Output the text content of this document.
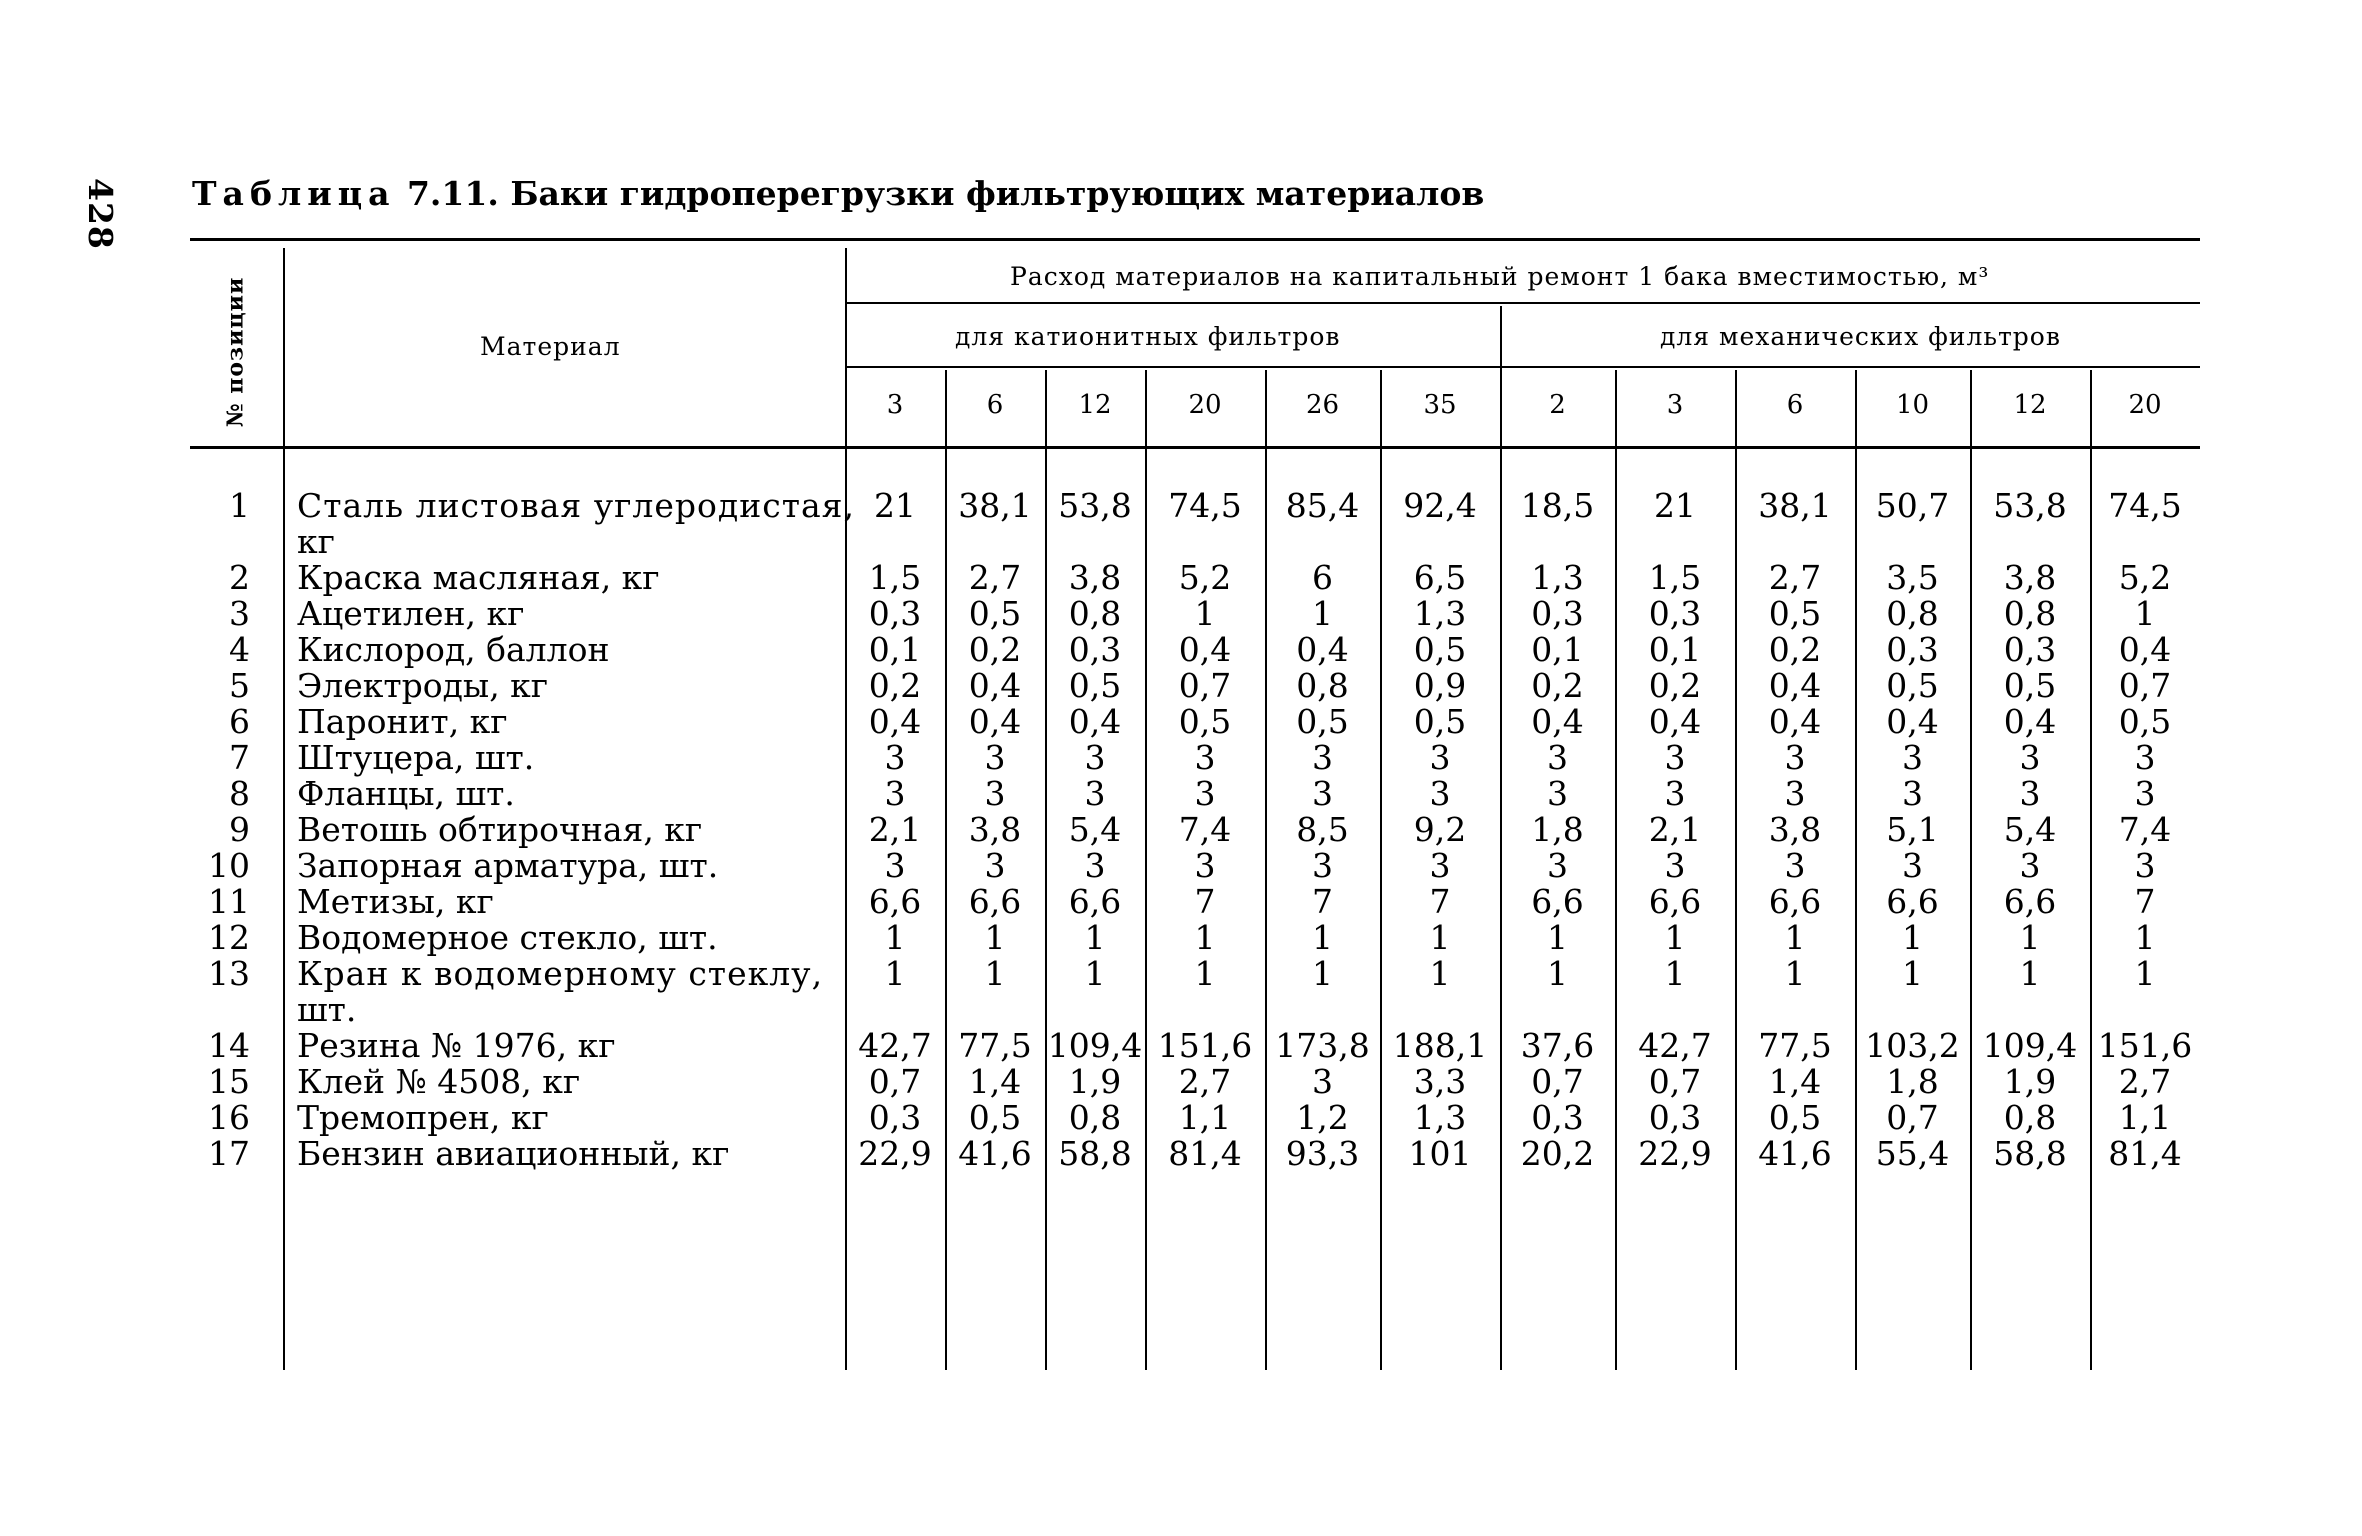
428 Таблица 7.11. Баки гидроперегрузки фильтрующих материалов
№ позиции	Материал
Расход материалов на капитальный ремонт 1 бака вместимостью, м³
для катионитных фильтров	для механических фильтров
3	6	12	20	26	35	2	3	6	10	12	20
1 Сталь листовая углеродистая,
кг
21	38,1 53,8	74,5	85,4	92,4	18,5	21	38,1	50,7	53,8	74,5
2 Краска масляная, кг	1,5	2,7	3,8	5,2	6	6,5	1,3	1,5	2,7	3,5	3,8	5,2
3 Ацетилен, кг	0,3	0,5	0,8	1	1	1,3	0,3	0,3	0,5	0,8	0,8	1
4 Кислород, баллон	0,1	0,2	0,3	0,4	0,4	0,5	0,1	0,1	0,2	0,3	0,3	0,4
5 Электроды, кг	0,2	0,4	0,5	0,7	0,8	0,9	0,2	0,2	0,4	0,5	0,5	0,7
6 Паронит, кг	0,4	0,4	0,4	0,5	0,5	0,5	0,4	0,4	0,4	0,4	0,4	0,5
7 Штуцера, шт.	3	3	3	3	3	3	3	3	3	3	3	3
8 Фланцы, шт.	3	3	3	3	3	3	3	3	3	3	3	3
9 Ветошь обтирочная, кг	2,1	3,8	5,4	7,4	8,5	9,2	1,8	2,1	3,8	5,1	5,4	7,4
10 Запорная арматура, шт.	3	3	3	3	3	3	3	3	3	3	3	3
11 Метизы, кг	6,6	6,6	6,6	7	7	7	6,6	6,6	6,6	6,6	6,6	7
12 Водомерное стекло, шт.	1	1	1	1	1	1	1	1	1	1	1	1
13 Кран к водомерному стеклу,
шт.
1	1	1	1	1	1	1	1	1	1	1	1
14 Резина № 1976, кг	42,7 77,5 109,4 151,6 173,8 188,1	37,6	42,7	77,5	103,2 109,4 151,6
15 Клей № 4508, кг	0,7	1,4	1,9	2,7	3	3,3	0,7	0,7	1,4	1,8	1,9	2,7
16 Тремопрен, кг	0,3	0,5	0,8	1,1	1,2	1,3	0,3	0,3	0,5	0,7	0,8	1,1
17 Бензин авиационный, кг	22,9 41,6 58,8	81,4	93,3	101	20,2	22,9	41,6	55,4	58,8	81,4
